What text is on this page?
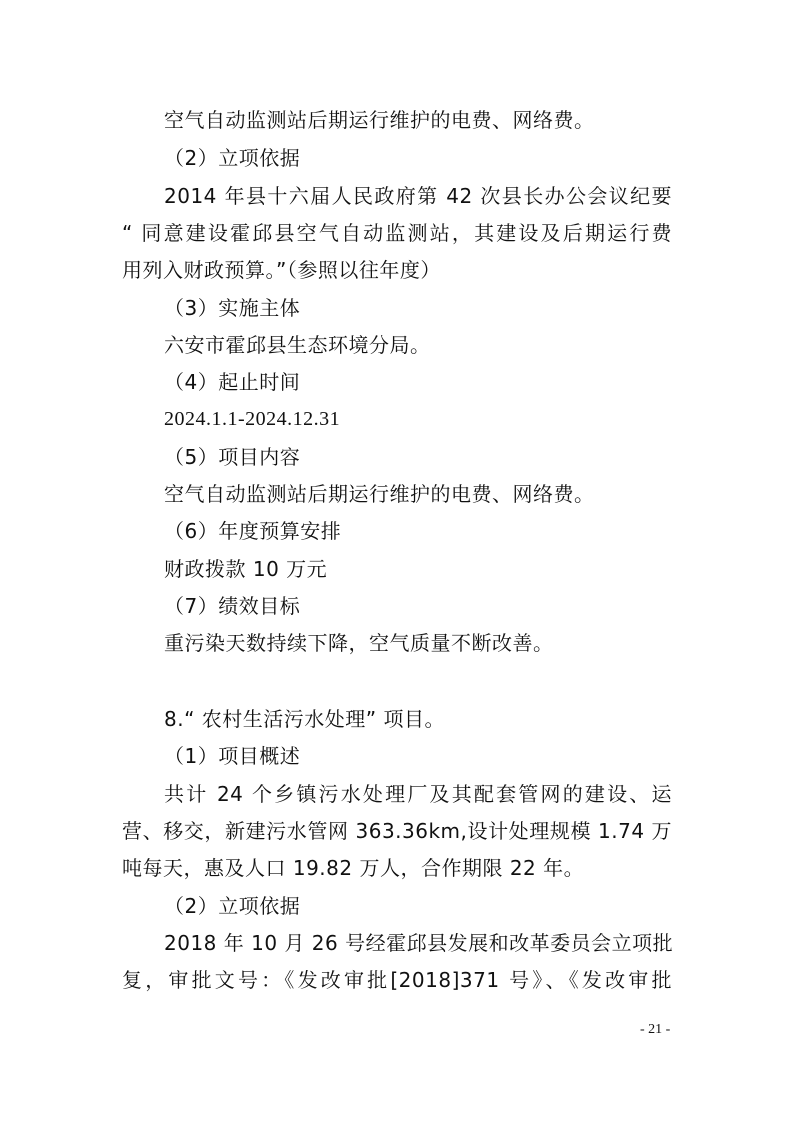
空气自动监测站后期运行维护的电费、网络费。
（2）立项依据
2014 年县十六届人民政府第 42 次县长办公会议纪要
“ 同意建设霍邱县空气自动监测站，其建设及后期运行费
用列入财政预算。”（参照以往年度）
（3）实施主体
六安市霍邱县生态环境分局。
（4）起止时间
2024.1.1-2024.12.31
（5）项目内容
空气自动监测站后期运行维护的电费、网络费。
（6）年度预算安排
财政拨款 10 万元
（7）绩效目标
重污染天数持续下降，空气质量不断改善。
8.“ 农村生活污水处理” 项目。
（1）项目概述
共计 24 个乡镇污水处理厂及其配套管网的建设、运
营、移交，新建污水管网 363.36km,设计处理规模 1.74 万
吨每天，惠及人口 19.82 万人，合作期限 22 年。
（2）立项依据
2018 年 10 月 26 号经霍邱县发展和改革委员会立项批
复，审批文号：《发改审批[2018]371 号》、《发改审批
- 21 -
